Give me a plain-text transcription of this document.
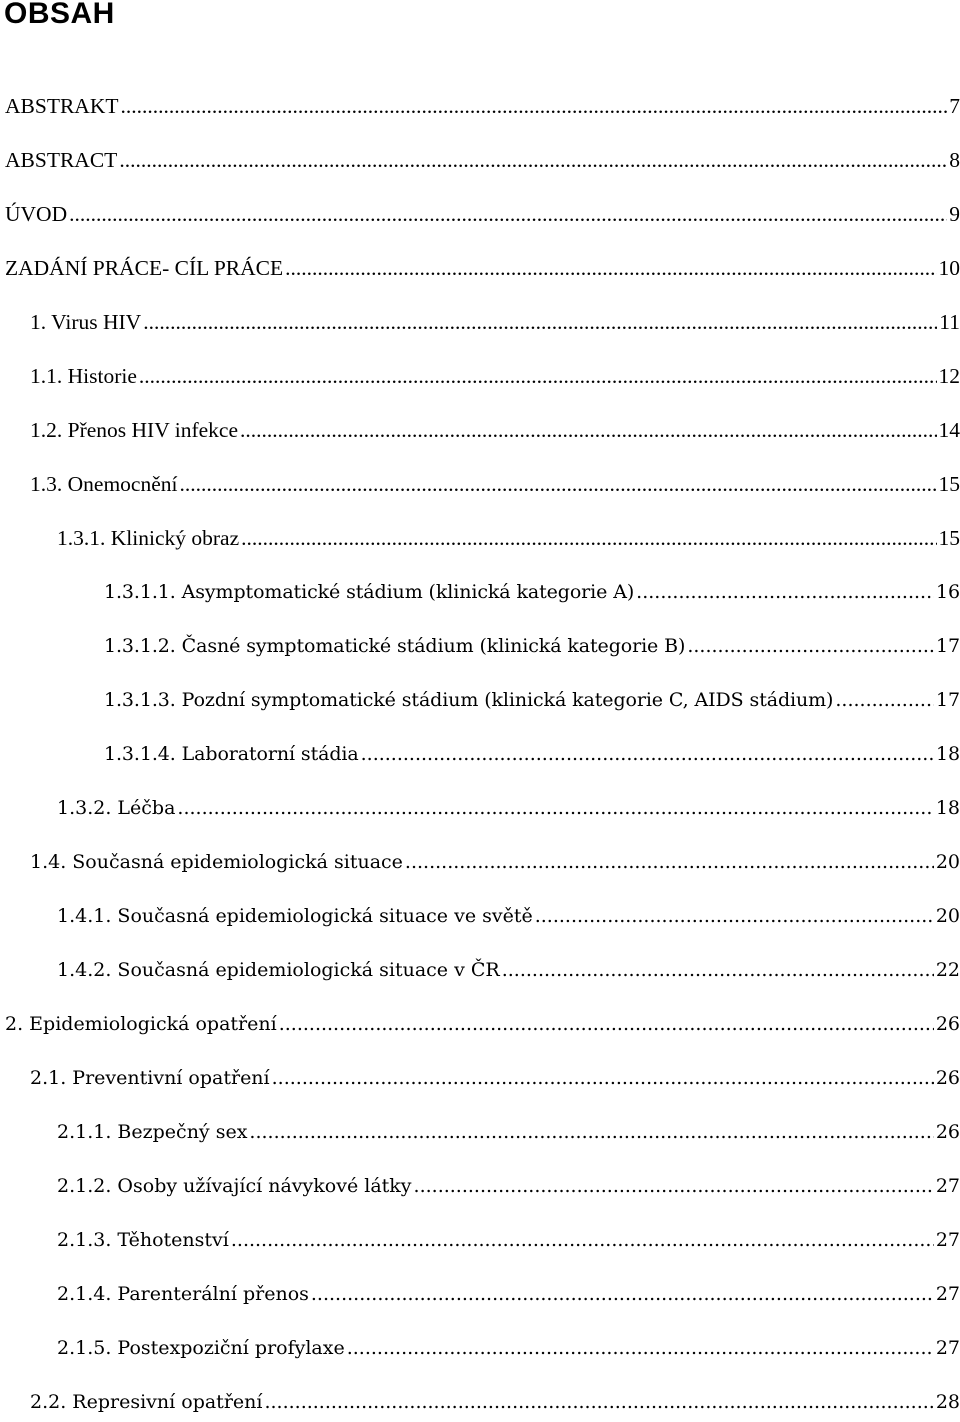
OBSAH
ABSTRAKT .....	7
ABSTRACT .....	8
ÚVOD .....	9
ZADÁNÍ PRÁCE- CÍL PRÁCE .....	10
1. Virus HIV .....	11
1.1. Historie .....	12
1.2. Přenos HIV infekce .....	14
1.3. Onemocnění .....	15
1.3.1. Klinický obraz .....	15
1.3.1.1. Asymptomatické stádium (klinická kategorie A) .....	16
1.3.1.2. Časné symptomatické stádium (klinická kategorie B) .....	17
1.3.1.3. Pozdní symptomatické stádium (klinická kategorie C, AIDS stádium) .....	17
1.3.1.4. Laboratorní stádia .....	18
1.3.2. Léčba .....	18
1.4. Současná epidemiologická situace .....	20
1.4.1. Současná epidemiologická situace ve světě .....	20
1.4.2. Současná epidemiologická situace v ČR .....	22
2. Epidemiologická opatření .....	26
2.1. Preventivní opatření .....	26
2.1.1. Bezpečný sex .....	26
2.1.2. Osoby užívající návykové látky .....	27
2.1.3. Těhotenství .....	27
2.1.4. Parenterální přenos .....	27
2.1.5. Postexpoziční profylaxe .....	27
2.2. Represivní opatření .....	28
